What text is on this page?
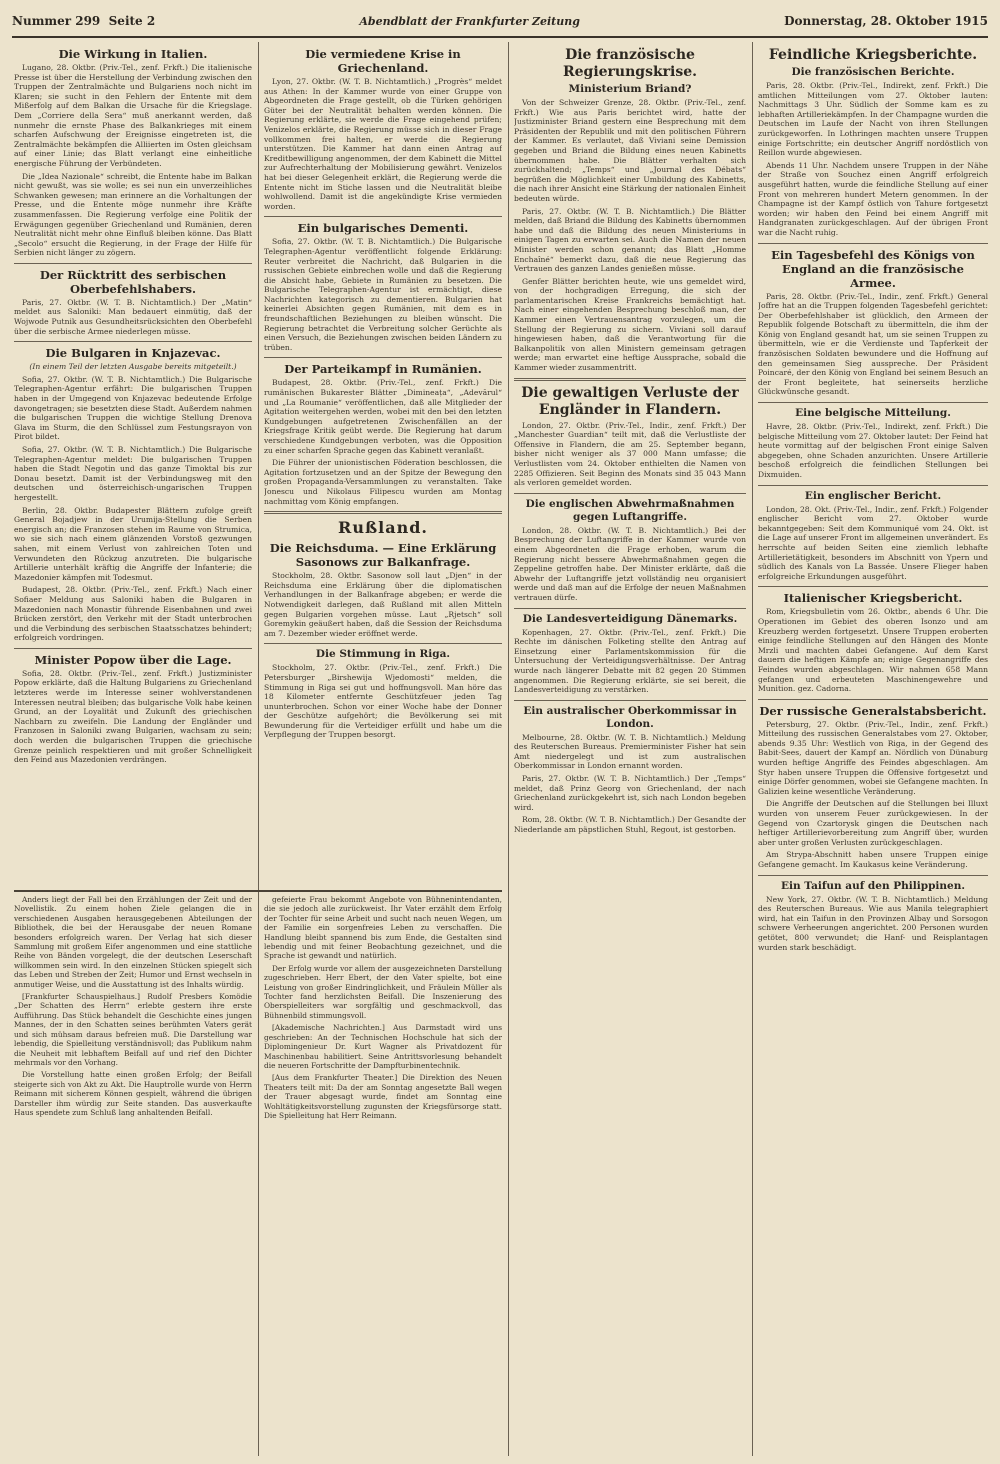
Nummer 299 Seite 2	Abendblatt der Frankfurter Zeitung	Donnerstag, 28. Oktober 1915
Die Wirkung in Italien.

Lugano, 28. Oktbr. (Priv.-Tel., zenf. Frkft.) Die italienische Presse ist über die Herstellung der Verbindung zwischen den Truppen der Zentralmächte und Bulgariens noch nicht im Klaren; sie sucht in den Fehlern der Entente mit dem Mißerfolg auf dem Balkan die Ursache für die Kriegslage. Dem „Corriere della Sera“ muß anerkannt werden, daß nunmehr die ernste Phase des Balkankrieges mit einem scharfen Aufschwung der Ereignisse eingetreten ist, die Zentralmächte bekämpfen die Alliierten im Osten gleichsam auf einer Linie; das Blatt verlangt eine einheitliche energische Führung der Verbündeten.

Die „Idea Nazionale“ schreibt, die Entente habe im Balkan nicht gewußt, was sie wolle; es sei nun ein unverzeihliches Schwanken gewesen; man erinnere an die Vorhaltungen der Presse, und die Entente möge nunmehr ihre Kräfte zusammenfassen. Die Regierung verfolge eine Politik der Erwägungen gegenüber Griechenland und Rumänien, deren Neutralität nicht mehr ohne Einfluß bleiben könne. Das Blatt „Secolo“ ersucht die Regierung, in der Frage der Hilfe für Serbien nicht länger zu zögern.

Der Rücktritt des serbischen Oberbefehlshabers.

Paris, 27. Oktbr. (W. T. B. Nichtamtlich.) Der „Matin“ meldet aus Saloniki: Man bedauert einmütig, daß der Wojwode Putnik aus Gesundheitsrücksichten den Oberbefehl über die serbische Armee niederlegen müsse.

Die Bulgaren in Knjazevac.

(In einem Teil der letzten Ausgabe bereits mitgeteilt.)

Sofia, 27. Oktbr. (W. T. B. Nichtamtlich.) Die Bulgarische Telegraphen-Agentur erfährt: Die bulgarischen Truppen haben in der Umgegend von Knjazevac bedeutende Erfolge davongetragen; sie besetzten diese Stadt. Außerdem nahmen die bulgarischen Truppen die wichtige Stellung Drenova Glava im Sturm, die den Schlüssel zum Festungsrayon von Pirot bildet.

Sofia, 27. Oktbr. (W. T. B. Nichtamtlich.) Die Bulgarische Telegraphen-Agentur meldet: Die bulgarischen Truppen haben die Stadt Negotin und das ganze Timoktal bis zur Donau besetzt. Damit ist der Verbindungsweg mit den deutschen und österreichisch-ungarischen Truppen hergestellt.

Berlin, 28. Oktbr. Budapester Blättern zufolge greift General Bojadjew in der Urumija-Stellung die Serben energisch an; die Franzosen stehen im Raume von Strumica, wo sie sich nach einem glänzenden Vorstoß gezwungen sahen, mit einem Verlust von zahlreichen Toten und Verwundeten den Rückzug anzutreten. Die bulgarische Artillerie unterhält kräftig die Angriffe der Infanterie; die Mazedonier kämpfen mit Todesmut.

Budapest, 28. Oktbr. (Priv.-Tel., zenf. Frkft.) Nach einer Sofiaer Meldung aus Saloniki haben die Bulgaren in Mazedonien nach Monastir führende Eisenbahnen und zwei Brücken zerstört, den Verkehr mit der Stadt unterbrochen und die Verbindung des serbischen Staatsschatzes behindert; erfolgreich vordringen.

Minister Popow über die Lage.

Sofia, 28. Oktbr. (Priv.-Tel., zenf. Frkft.) Justizminister Popow erklärte, daß die Haltung Bulgariens zu Griechenland letzteres werde im Interesse seiner wohlverstandenen Interessen neutral bleiben; das bulgarische Volk habe keinen Grund, an der Loyalität und Zukunft des griechischen Nachbarn zu zweifeln. Die Landung der Engländer und Franzosen in Saloniki zwang Bulgarien, wachsam zu sein; doch werden die bulgarischen Truppen die griechische Grenze peinlich respektieren und mit großer Schnelligkeit den Feind aus Mazedonien verdrängen.

Die vermiedene Krise in Griechenland.

Lyon, 27. Oktbr. (W. T. B. Nichtamtlich.) „Progrès“ meldet aus Athen: In der Kammer wurde von einer Gruppe von Abgeordneten die Frage gestellt, ob die Türken gehörigen Güter bei der Neutralität behalten werden können. Die Regierung erklärte, sie werde die Frage eingehend prüfen; Venizelos erklärte, die Regierung müsse sich in dieser Frage vollkommen frei halten, er werde die Regierung unterstützen. Die Kammer hat dann einen Antrag auf Kreditbewilligung angenommen, der dem Kabinett die Mittel zur Aufrechterhaltung der Mobilisierung gewährt. Venizelos hat bei dieser Gelegenheit erklärt, die Regierung werde die Entente nicht im Stiche lassen und die Neutralität bleibe wohlwollend. Damit ist die angekündigte Krise vermieden worden.

Ein bulgarisches Dementi.

Sofia, 27. Oktbr. (W. T. B. Nichtamtlich.) Die Bulgarische Telegraphen-Agentur veröffentlicht folgende Erklärung: Reuter verbreitet die Nachricht, daß Bulgarien in die russischen Gebiete einbrechen wolle und daß die Regierung die Absicht habe, Gebiete in Rumänien zu besetzen. Die Bulgarische Telegraphen-Agentur ist ermächtigt, diese Nachrichten kategorisch zu dementieren. Bulgarien hat keinerlei Absichten gegen Rumänien, mit dem es in freundschaftlichen Beziehungen zu bleiben wünscht. Die Regierung betrachtet die Verbreitung solcher Gerüchte als einen Versuch, die Beziehungen zwischen beiden Ländern zu trüben.

Der Parteikampf in Rumänien.

Budapest, 28. Oktbr. (Priv.-Tel., zenf. Frkft.) Die rumänischen Bukarester Blätter „Dimineața“, „Adevărul“ und „La Roumanie“ veröffentlichen, daß alle Mitglieder der Agitation weitergehen werden, wobei mit den bei den letzten Kundgebungen aufgetretenen Zwischenfällen an der Kriegsfrage Kritik geübt werde. Die Regierung hat darum verschiedene Kundgebungen verboten, was die Opposition zu einer scharfen Sprache gegen das Kabinett veranlaßt.

Die Führer der unionistischen Föderation beschlossen, die Agitation fortzusetzen und an der Spitze der Bewegung den großen Propaganda-Versammlungen zu veranstalten. Take Jonescu und Nikolaus Filipescu wurden am Montag nachmittag vom König empfangen.

Rußland.
Die Reichsduma. — Eine Erklärung Sasonows zur Balkanfrage.

Stockholm, 28. Oktbr. Sasonow soll laut „Djen“ in der Reichsduma eine Erklärung über die diplomatischen Verhandlungen in der Balkanfrage abgeben; er werde die Notwendigkeit darlegen, daß Rußland mit allen Mitteln gegen Bulgarien vorgehen müsse. Laut „Rjetsch“ soll Goremykin geäußert haben, daß die Session der Reichsduma am 7. Dezember wieder eröffnet werde.

Die Stimmung in Riga.

Stockholm, 27. Oktbr. (Priv.-Tel., zenf. Frkft.) Die Petersburger „Birshewija Wjedomosti“ melden, die Stimmung in Riga sei gut und hoffnungsvoll. Man höre das 18 Kilometer entfernte Geschützfeuer jeden Tag ununterbrochen. Schon vor einer Woche habe der Donner der Geschütze aufgehört; die Bevölkerung sei mit Bewunderung für die Verteidiger erfüllt und habe um die Verpflegung der Truppen besorgt.

Die französische Regierungskrise.
Ministerium Briand?

Von der Schweizer Grenze, 28. Oktbr. (Priv.-Tel., zenf. Frkft.) Wie aus Paris berichtet wird, hatte der Justizminister Briand gestern eine Besprechung mit dem Präsidenten der Republik und mit den politischen Führern der Kammer. Es verlautet, daß Viviani seine Demission gegeben und Briand die Bildung eines neuen Kabinetts übernommen habe. Die Blätter verhalten sich zurückhaltend; „Temps“ und „Journal des Débats“ begrüßen die Möglichkeit einer Umbildung des Kabinetts, die nach ihrer Ansicht eine Stärkung der nationalen Einheit bedeuten würde.

Paris, 27. Oktbr. (W. T. B. Nichtamtlich.) Die Blätter melden, daß Briand die Bildung des Kabinetts übernommen habe und daß die Bildung des neuen Ministeriums in einigen Tagen zu erwarten sei. Auch die Namen der neuen Minister werden schon genannt; das Blatt „Homme Enchaîné“ bemerkt dazu, daß die neue Regierung das Vertrauen des ganzen Landes genießen müsse.

Genfer Blätter berichten heute, wie uns gemeldet wird, von der hochgradigen Erregung, die sich der parlamentarischen Kreise Frankreichs bemächtigt hat. Nach einer eingehenden Besprechung beschloß man, der Kammer einen Vertrauensantrag vorzulegen, um die Stellung der Regierung zu sichern. Viviani soll darauf hingewiesen haben, daß die Verantwortung für die Balkanpolitik von allen Ministern gemeinsam getragen werde; man erwartet eine heftige Aussprache, sobald die Kammer wieder zusammentritt.

Die gewaltigen Verluste der Engländer in Flandern.

London, 27. Oktbr. (Priv.-Tel., Indir., zenf. Frkft.) Der „Manchester Guardian“ teilt mit, daß die Verlustliste der Offensive in Flandern, die am 25. September begann, bisher nicht weniger als 37 000 Mann umfasse; die Verlustlisten vom 24. Oktober enthielten die Namen von 2285 Offizieren. Seit Beginn des Monats sind 35 043 Mann als verloren gemeldet worden.

Die englischen Abwehrmaßnahmen gegen Luftangriffe.

London, 28. Oktbr. (W. T. B. Nichtamtlich.) Bei der Besprechung der Luftangriffe in der Kammer wurde von einem Abgeordneten die Frage erhoben, warum die Regierung nicht bessere Abwehrmaßnahmen gegen die Zeppeline getroffen habe. Der Minister erklärte, daß die Abwehr der Luftangriffe jetzt vollständig neu organisiert werde und daß man auf die Erfolge der neuen Maßnahmen vertrauen dürfe.

Die Landesverteidigung Dänemarks.

Kopenhagen, 27. Oktbr. (Priv.-Tel., zenf. Frkft.) Die Rechte im dänischen Folketing stellte den Antrag auf Einsetzung einer Parlamentskommission für die Untersuchung der Verteidigungsverhältnisse. Der Antrag wurde nach längerer Debatte mit 82 gegen 20 Stimmen angenommen. Die Regierung erklärte, sie sei bereit, die Landesverteidigung zu verstärken.

Ein australischer Oberkommissar in London.

Melbourne, 28. Oktbr. (W. T. B. Nichtamtlich.) Meldung des Reuterschen Bureaus. Premierminister Fisher hat sein Amt niedergelegt und ist zum australischen Oberkommissar in London ernannt worden.

Paris, 27. Oktbr. (W. T. B. Nichtamtlich.) Der „Temps“ meldet, daß Prinz Georg von Griechenland, der nach Griechenland zurückgekehrt ist, sich nach London begeben wird.

Rom, 28. Oktbr. (W. T. B. Nichtamtlich.) Der Gesandte der Niederlande am päpstlichen Stuhl, Regout, ist gestorben.

Feindliche Kriegsberichte.
Die französischen Berichte.

Paris, 28. Oktbr. (Priv.-Tel., Indirekt, zenf. Frkft.) Die amtlichen Mitteilungen vom 27. Oktober lauten: Nachmittags 3 Uhr. Südlich der Somme kam es zu lebhaften Artilleriekämpfen. In der Champagne wurden die Deutschen im Laufe der Nacht von ihren Stellungen zurückgeworfen. In Lothringen machten unsere Truppen einige Fortschritte; ein deutscher Angriff nordöstlich von Reillon wurde abgewiesen.

Abends 11 Uhr. Nachdem unsere Truppen in der Nähe der Straße von Souchez einen Angriff erfolgreich ausgeführt hatten, wurde die feindliche Stellung auf einer Front von mehreren hundert Metern genommen. In der Champagne ist der Kampf östlich von Tahure fortgesetzt worden; wir haben den Feind bei einem Angriff mit Handgranaten zurückgeschlagen. Auf der übrigen Front war die Nacht ruhig.

Ein Tagesbefehl des Königs von England an die französische Armee.

Paris, 28. Oktbr. (Priv.-Tel., Indir., zenf. Frkft.) General Joffre hat an die Truppen folgenden Tagesbefehl gerichtet: Der Oberbefehlshaber ist glücklich, den Armeen der Republik folgende Botschaft zu übermitteln, die ihm der König von England gesandt hat, um sie seinen Truppen zu übermitteln, wie er die Verdienste und Tapferkeit der französischen Soldaten bewundere und die Hoffnung auf den gemeinsamen Sieg ausspreche. Der Präsident Poincaré, der den König von England bei seinem Besuch an der Front begleitete, hat seinerseits herzliche Glückwünsche gesandt.

Eine belgische Mitteilung.

Havre, 28. Oktbr. (Priv.-Tel., Indirekt, zenf. Frkft.) Die belgische Mitteilung vom 27. Oktober lautet: Der Feind hat heute vormittag auf der belgischen Front einige Salven abgegeben, ohne Schaden anzurichten. Unsere Artillerie beschoß erfolgreich die feindlichen Stellungen bei Dixmuiden.

Ein englischer Bericht.

London, 28. Okt. (Priv.-Tel., Indir., zenf. Frkft.) Folgender englischer Bericht vom 27. Oktober wurde bekanntgegeben: Seit dem Kommuniqué vom 24. Okt. ist die Lage auf unserer Front im allgemeinen unverändert. Es herrschte auf beiden Seiten eine ziemlich lebhafte Artillerietätigkeit, besonders im Abschnitt von Ypern und südlich des Kanals von La Bassée. Unsere Flieger haben erfolgreiche Erkundungen ausgeführt.

Italienischer Kriegsbericht.

Rom, Kriegsbulletin vom 26. Oktbr., abends 6 Uhr. Die Operationen im Gebiet des oberen Isonzo und am Kreuzberg werden fortgesetzt. Unsere Truppen eroberten einige feindliche Stellungen auf den Hängen des Monte Mrzli und machten dabei Gefangene. Auf dem Karst dauern die heftigen Kämpfe an; einige Gegenangriffe des Feindes wurden abgeschlagen. Wir nahmen 658 Mann gefangen und erbeuteten Maschinengewehre und Munition. gez. Cadorna.

Der russische Generalstabsbericht.

Petersburg, 27. Oktbr. (Priv.-Tel., Indir., zenf. Frkft.) Mitteilung des russischen Generalstabes vom 27. Oktober, abends 9.35 Uhr: Westlich von Riga, in der Gegend des Babit-Sees, dauert der Kampf an. Nördlich von Dünaburg wurden heftige Angriffe des Feindes abgeschlagen. Am Styr haben unsere Truppen die Offensive fortgesetzt und einige Dörfer genommen, wobei sie Gefangene machten. In Galizien keine wesentliche Veränderung.

Die Angriffe der Deutschen auf die Stellungen bei Illuxt wurden von unserem Feuer zurückgewiesen. In der Gegend von Czartorysk gingen die Deutschen nach heftiger Artillerievorbereitung zum Angriff über, wurden aber unter großen Verlusten zurückgeschlagen.

Am Strypa-Abschnitt haben unsere Truppen einige Gefangene gemacht. Im Kaukasus keine Veränderung.

Ein Taifun auf den Philippinen.

New York, 27. Oktbr. (W. T. B. Nichtamtlich.) Meldung des Reuterschen Bureaus. Wie aus Manila telegraphiert wird, hat ein Taifun in den Provinzen Albay und Sorsogon schwere Verheerungen angerichtet. 200 Personen wurden getötet, 800 verwundet; die Hanf- und Reisplantagen wurden stark beschädigt.

Anders liegt der Fall bei den Erzählungen der Zeit und der Novellistik. Zu einem hohen Ziele gelangen die in verschiedenen Ausgaben herausgegebenen Abteilungen der Bibliothek, die bei der Herausgabe der neuen Romane besonders erfolgreich waren. Der Verlag hat sich dieser Sammlung mit großem Eifer angenommen und eine stattliche Reihe von Bänden vorgelegt, die der deutschen Leserschaft willkommen sein wird. In den einzelnen Stücken spiegelt sich das Leben und Streben der Zeit; Humor und Ernst wechseln in anmutiger Weise, und die Ausstattung ist des Inhalts würdig.

[Frankfurter Schauspielhaus.] Rudolf Presbers Komödie „Der Schatten des Herrn“ erlebte gestern ihre erste Aufführung. Das Stück behandelt die Geschichte eines jungen Mannes, der in den Schatten seines berühmten Vaters gerät und sich mühsam daraus befreien muß. Die Darstellung war lebendig, die Spielleitung verständnisvoll; das Publikum nahm die Neuheit mit lebhaftem Beifall auf und rief den Dichter mehrmals vor den Vorhang.

Die Vorstellung hatte einen großen Erfolg; der Beifall steigerte sich von Akt zu Akt. Die Hauptrolle wurde von Herrn Reimann mit sicherem Können gespielt, während die übrigen Darsteller ihm würdig zur Seite standen. Das ausverkaufte Haus spendete zum Schluß lang anhaltenden Beifall.

gefeierte Frau bekommt Angebote von Bühnenintendanten, die sie jedoch alle zurückweist. Ihr Vater erzählt dem Erfolg der Tochter für seine Arbeit und sucht nach neuen Wegen, um der Familie ein sorgenfreies Leben zu verschaffen. Die Handlung bleibt spannend bis zum Ende, die Gestalten sind lebendig und mit feiner Beobachtung gezeichnet, und die Sprache ist gewandt und natürlich.

Der Erfolg wurde vor allem der ausgezeichneten Darstellung zugeschrieben. Herr Ebert, der den Vater spielte, bot eine Leistung von großer Eindringlichkeit, und Fräulein Müller als Tochter fand herzlichsten Beifall. Die Inszenierung des Oberspielleiters war sorgfältig und geschmackvoll, das Bühnenbild stimmungsvoll.

[Akademische Nachrichten.] Aus Darmstadt wird uns geschrieben: An der Technischen Hochschule hat sich der Diplomingenieur Dr. Kurt Wagner als Privatdozent für Maschinenbau habilitiert. Seine Antrittsvorlesung behandelt die neueren Fortschritte der Dampfturbinentechnik.

[Aus dem Frankfurter Theater.] Die Direktion des Neuen Theaters teilt mit: Da der am Sonntag angesetzte Ball wegen der Trauer abgesagt wurde, findet am Sonntag eine Wohltätigkeitsvorstellung zugunsten der Kriegsfürsorge statt. Die Spielleitung hat Herr Reimann.
